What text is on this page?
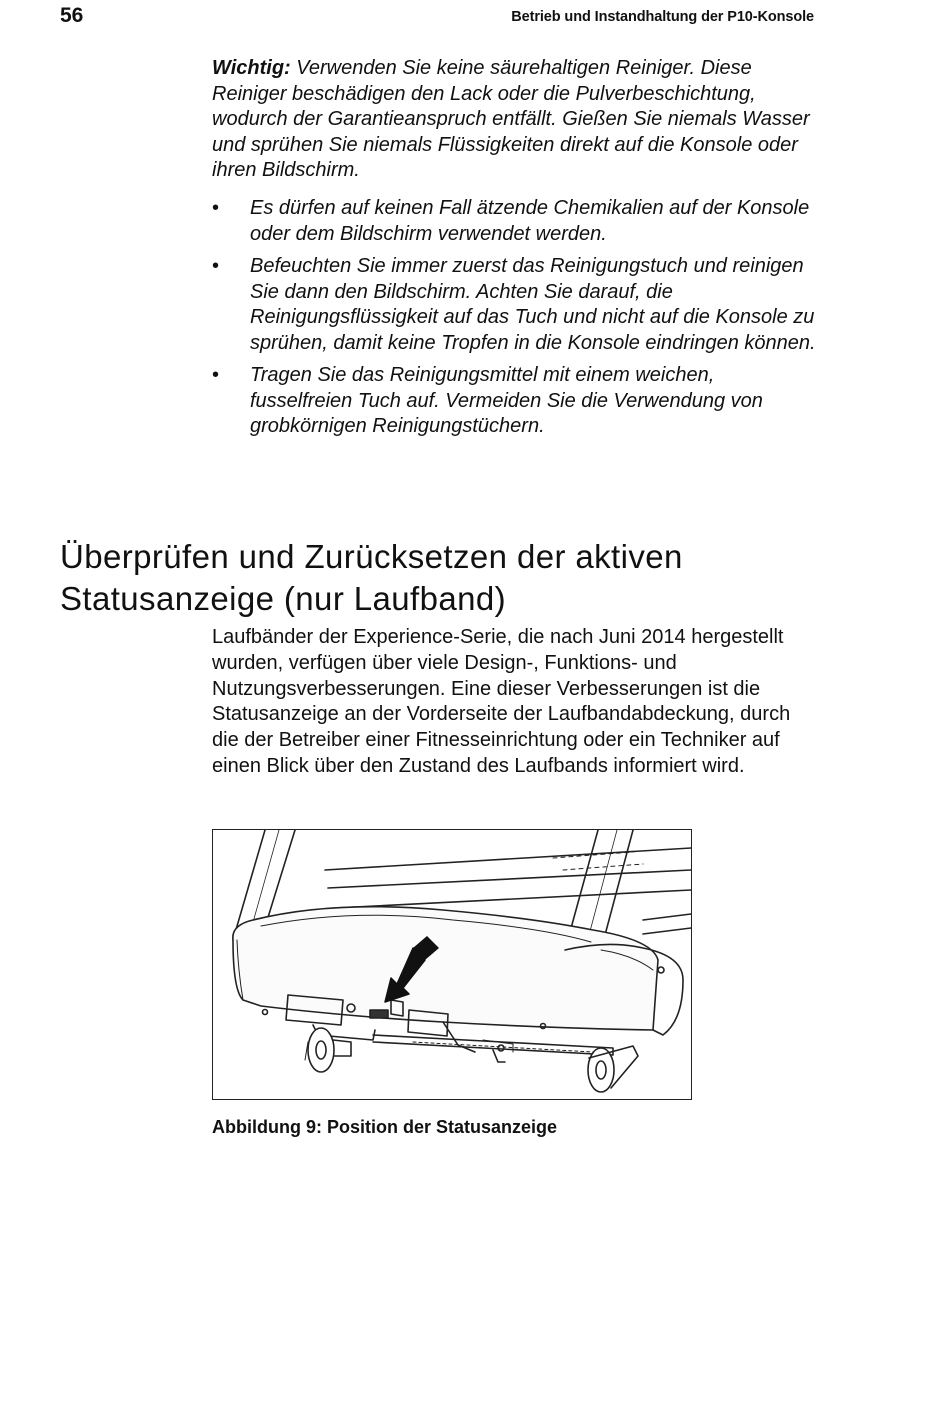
56	Betrieb und Instandhaltung der P10-Konsole
Wichtig: Verwenden Sie keine säurehaltigen Reiniger. Diese Reiniger beschädigen den Lack oder die Pulverbeschichtung, wodurch der Garantieanspruch entfällt. Gießen Sie niemals Wasser und sprühen Sie niemals Flüssigkeiten direkt auf die Konsole oder ihren Bildschirm.
• Es dürfen auf keinen Fall ätzende Chemikalien auf der Konsole oder dem Bildschirm verwendet werden.
• Befeuchten Sie immer zuerst das Reinigungstuch und reinigen Sie dann den Bildschirm. Achten Sie darauf, die Reinigungsflüssigkeit auf das Tuch und nicht auf die Konsole zu sprühen, damit keine Tropfen in die Konsole eindringen können.
• Tragen Sie das Reinigungsmittel mit einem weichen, fusselfreien Tuch auf. Vermeiden Sie die Verwendung von grobkörnigen Reinigungstüchern.
Überprüfen und Zurücksetzen der aktiven Statusanzeige (nur Laufband)
Laufbänder der Experience-Serie, die nach Juni 2014 hergestellt wurden, verfügen über viele Design-, Funktions- und Nutzungsverbesserungen. Eine dieser Verbesserungen ist die Statusanzeige an der Vorderseite der Laufbandabdeckung, durch die der Betreiber einer Fitnesseinrichtung oder ein Techniker auf einen Blick über den Zustand des Laufbands informiert wird.
Abbildung 9: Position der Statusanzeige
